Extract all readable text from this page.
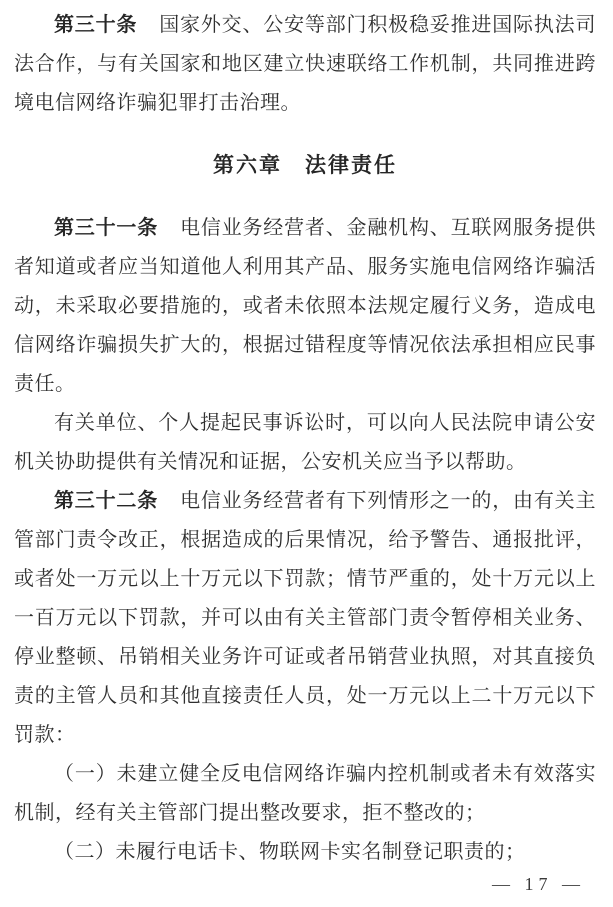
第三十条 国家外交、公安等部门积极稳妥推进国际执法司法合作，与有关国家和地区建立快速联络工作机制，共同推进跨境电信网络诈骗犯罪打击治理。

第六章　法律责任

第三十一条 电信业务经营者、金融机构、互联网服务提供者知道或者应当知道他人利用其产品、服务实施电信网络诈骗活动，未采取必要措施的，或者未依照本法规定履行义务，造成电信网络诈骗损失扩大的，根据过错程度等情况依法承担相应民事责任。

有关单位、个人提起民事诉讼时，可以向人民法院申请公安机关协助提供有关情况和证据，公安机关应当予以帮助。

第三十二条 电信业务经营者有下列情形之一的，由有关主管部门责令改正，根据造成的后果情况，给予警告、通报批评，或者处一万元以上十万元以下罚款；情节严重的，处十万元以上一百万元以下罚款，并可以由有关主管部门责令暂停相关业务、停业整顿、吊销相关业务许可证或者吊销营业执照，对其直接负责的主管人员和其他直接责任人员，处一万元以上二十万元以下罚款：

（一）未建立健全反电信网络诈骗内控机制或者未有效落实机制，经有关主管部门提出整改要求，拒不整改的；

（二）未履行电话卡、物联网卡实名制登记职责的；

— 17 —
